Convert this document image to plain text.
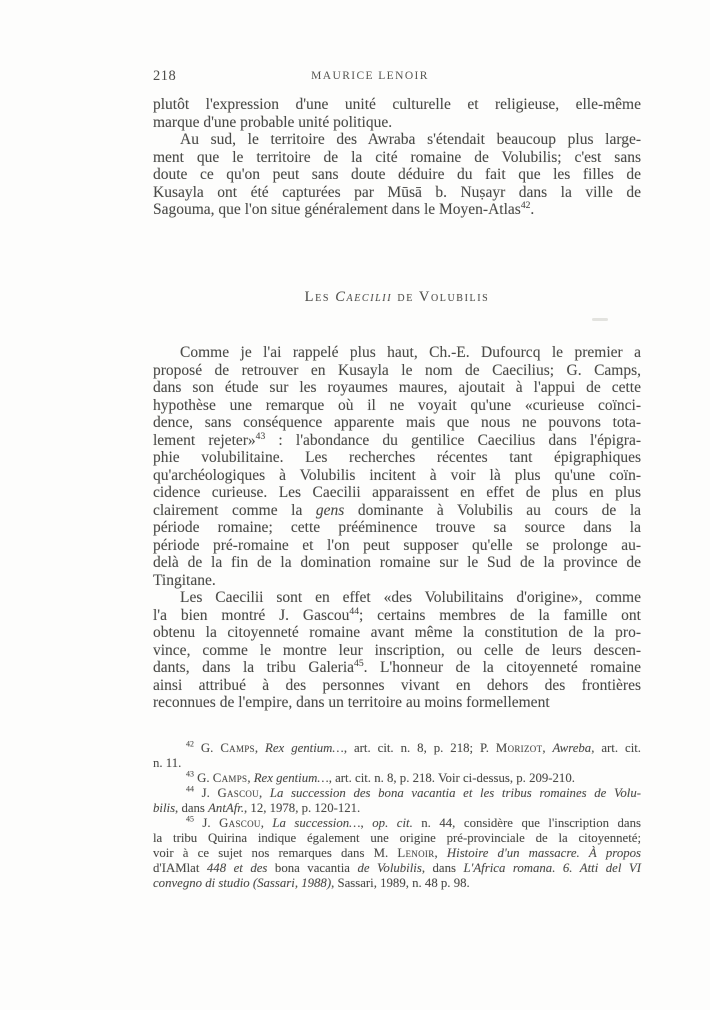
218	MAURICE LENOIR
plutôt l'expression d'une unité culturelle et religieuse, elle-même
marque d'une probable unité politique.
Au sud, le territoire des Awraba s'étendait beaucoup plus large-
ment que le territoire de la cité romaine de Volubilis; c'est sans
doute ce qu'on peut sans doute déduire du fait que les filles de
Kusayla ont été capturées par Mūsā b. Nuṣayr dans la ville de
Sagouma, que l'on situe généralement dans le Moyen-Atlas$^{42}$.
Les Caecilii de Volubilis
Comme je l'ai rappelé plus haut, Ch.-E. Dufourcq le premier a
proposé de retrouver en Kusayla le nom de Caecilius; G. Camps,
dans son étude sur les royaumes maures, ajoutait à l'appui de cette
hypothèse une remarque où il ne voyait qu'une «curieuse coïnci-
dence, sans conséquence apparente mais que nous ne pouvons tota-
lement rejeter»$^{43}$ : l'abondance du gentilice Caecilius dans l'épigra-
phie volubilitaine. Les recherches récentes tant épigraphiques
qu'archéologiques à Volubilis incitent à voir là plus qu'une coïn-
cidence curieuse. Les Caecilii apparaissent en effet de plus en plus
clairement comme la gens dominante à Volubilis au cours de la
période romaine; cette prééminence trouve sa source dans la
période pré-romaine et l'on peut supposer qu'elle se prolonge au-
delà de la fin de la domination romaine sur le Sud de la province de
Tingitane.
Les Caecilii sont en effet «des Volubilitains d'origine», comme
l'a bien montré J. Gascou$^{44}$; certains membres de la famille ont
obtenu la citoyenneté romaine avant même la constitution de la pro-
vince, comme le montre leur inscription, ou celle de leurs descen-
dants, dans la tribu Galeria$^{45}$. L'honneur de la citoyenneté romaine
ainsi attribué à des personnes vivant en dehors des frontières
reconnues de l'empire, dans un territoire au moins formellement
$^{42}$ G. Camps, Rex gentium…, art. cit. n. 8, p. 218; P. Morizot, Awreba, art. cit.
n. 11.
$^{43}$ G. Camps, Rex gentium…, art. cit. n. 8, p. 218. Voir ci-dessus, p. 209-210.
$^{44}$ J. Gascou, La succession des bona vacantia et les tribus romaines de Volu-
bilis, dans AntAfr., 12, 1978, p. 120-121.
$^{45}$ J. Gascou, La succession…, op. cit. n. 44, considère que l'inscription dans
la tribu Quirina indique également une origine pré-provinciale de la citoyenneté;
voir à ce sujet nos remarques dans M. Lenoir, Histoire d'un massacre. À propos
d'IAMlat 448 et des bona vacantia de Volubilis, dans L'Africa romana. 6. Atti del VI
convegno di studio (Sassari, 1988), Sassari, 1989, n. 48 p. 98.
